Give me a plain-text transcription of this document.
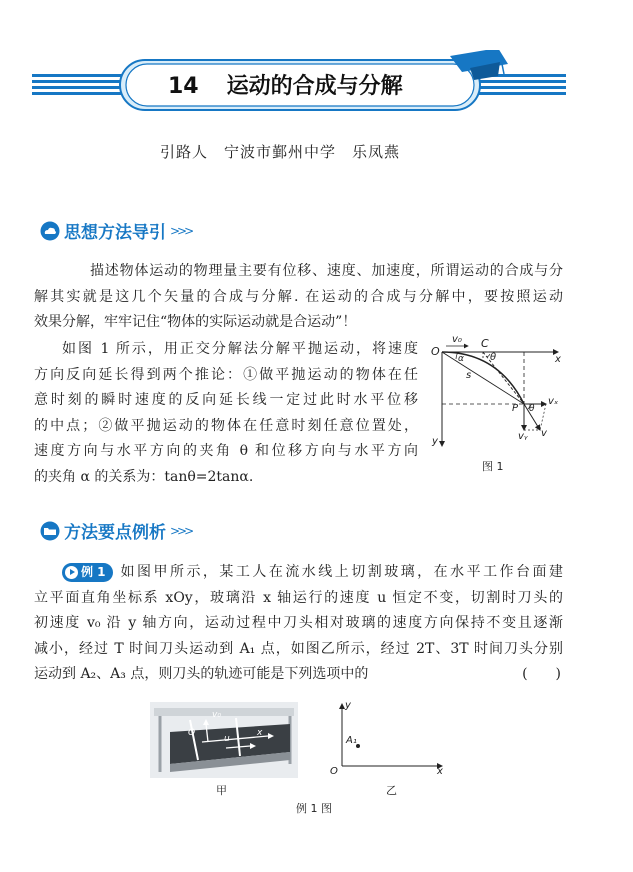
14 运动的合成与分解
引路人　宁波市鄞州中学　乐凤燕
思想方法导引 >>>

描述物体运动的物理量主要有位移、速度、加速度，所谓运动的合成与分

解其实就是这几个矢量的合成与分解. 在运动的合成与分解中，要按照运动

效果分解，牢牢记住“物体的实际运动就是合运动”！

如图 1 所示，用正交分解法分解平抛运动，将速度

方向反向延长得到两个推论：①做平抛运动的物体在任

意时刻的瞬时速度的反向延长线一定过此时水平位移

的中点；②做平抛运动的物体在任意时刻任意位置处，

速度方向与水平方向的夹角 θ 和位移方向与水平方向

的夹角 α 的关系为：tanθ=2tanα.

O
v₀ C
x
θ
α
s
P θ
vₓ
vᵧ v
y
图 1
方法要点例析 >>>

例 1 如图甲所示，某工人在流水线上切割玻璃，在水平工作台面建

立平面直角坐标系 xOy，玻璃沿 x 轴运行的速度 u 恒定不变，切割时刀头的

初速度 v₀ 沿 y 轴方向，运动过程中刀头相对玻璃的速度方向保持不变且逐渐

减小，经过 T 时间刀头运动到 A₁ 点，如图乙所示，经过 2T、3T 时间刀头分别

运动到 A₂、A₃ 点，则刀头的轨迹可能是下列选项中的	(　　)

v₀
O
u
x
甲
y
O	x
A₁
乙
例 1 图
